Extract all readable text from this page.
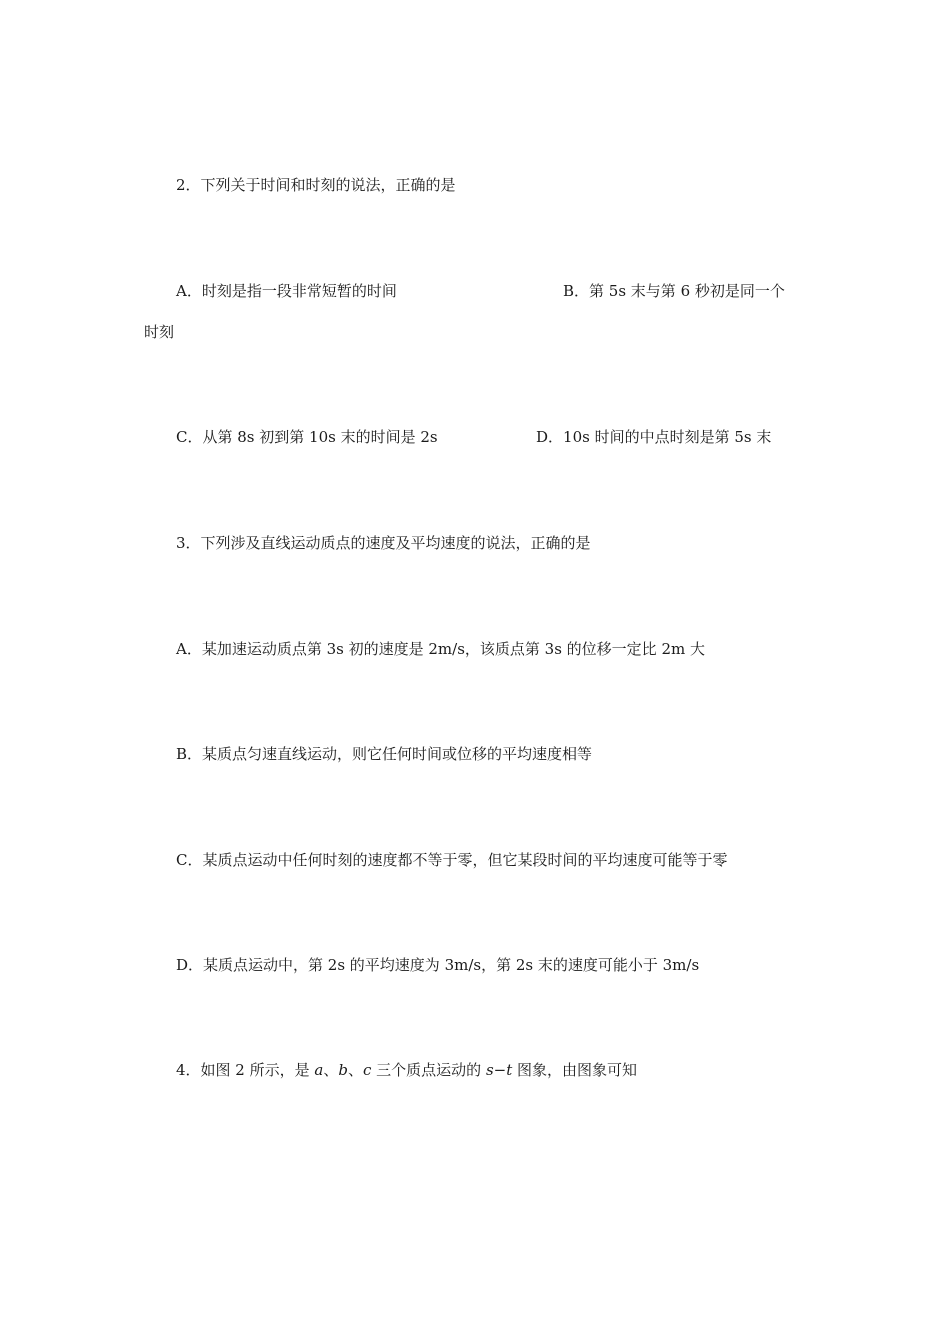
2．下列关于时间和时刻的说法，正确的是
A．时刻是指一段非常短暂的时间	B．第 5s 末与第 6 秒初是同一个
时刻
C．从第 8s 初到第 10s 末的时间是 2s	D．10s 时间的中点时刻是第 5s 末
3．下列涉及直线运动质点的速度及平均速度的说法，正确的是
A．某加速运动质点第 3s 初的速度是 2m/s，该质点第 3s 的位移一定比 2m 大
B．某质点匀速直线运动，则它任何时间或位移的平均速度相等
C．某质点运动中任何时刻的速度都不等于零，但它某段时间的平均速度可能等于零
D．某质点运动中，第 2s 的平均速度为 3m/s，第 2s 末的速度可能小于 3m/s
4．如图 2 所示，是 a、b、c 三个质点运动的 s−t 图象，由图象可知
